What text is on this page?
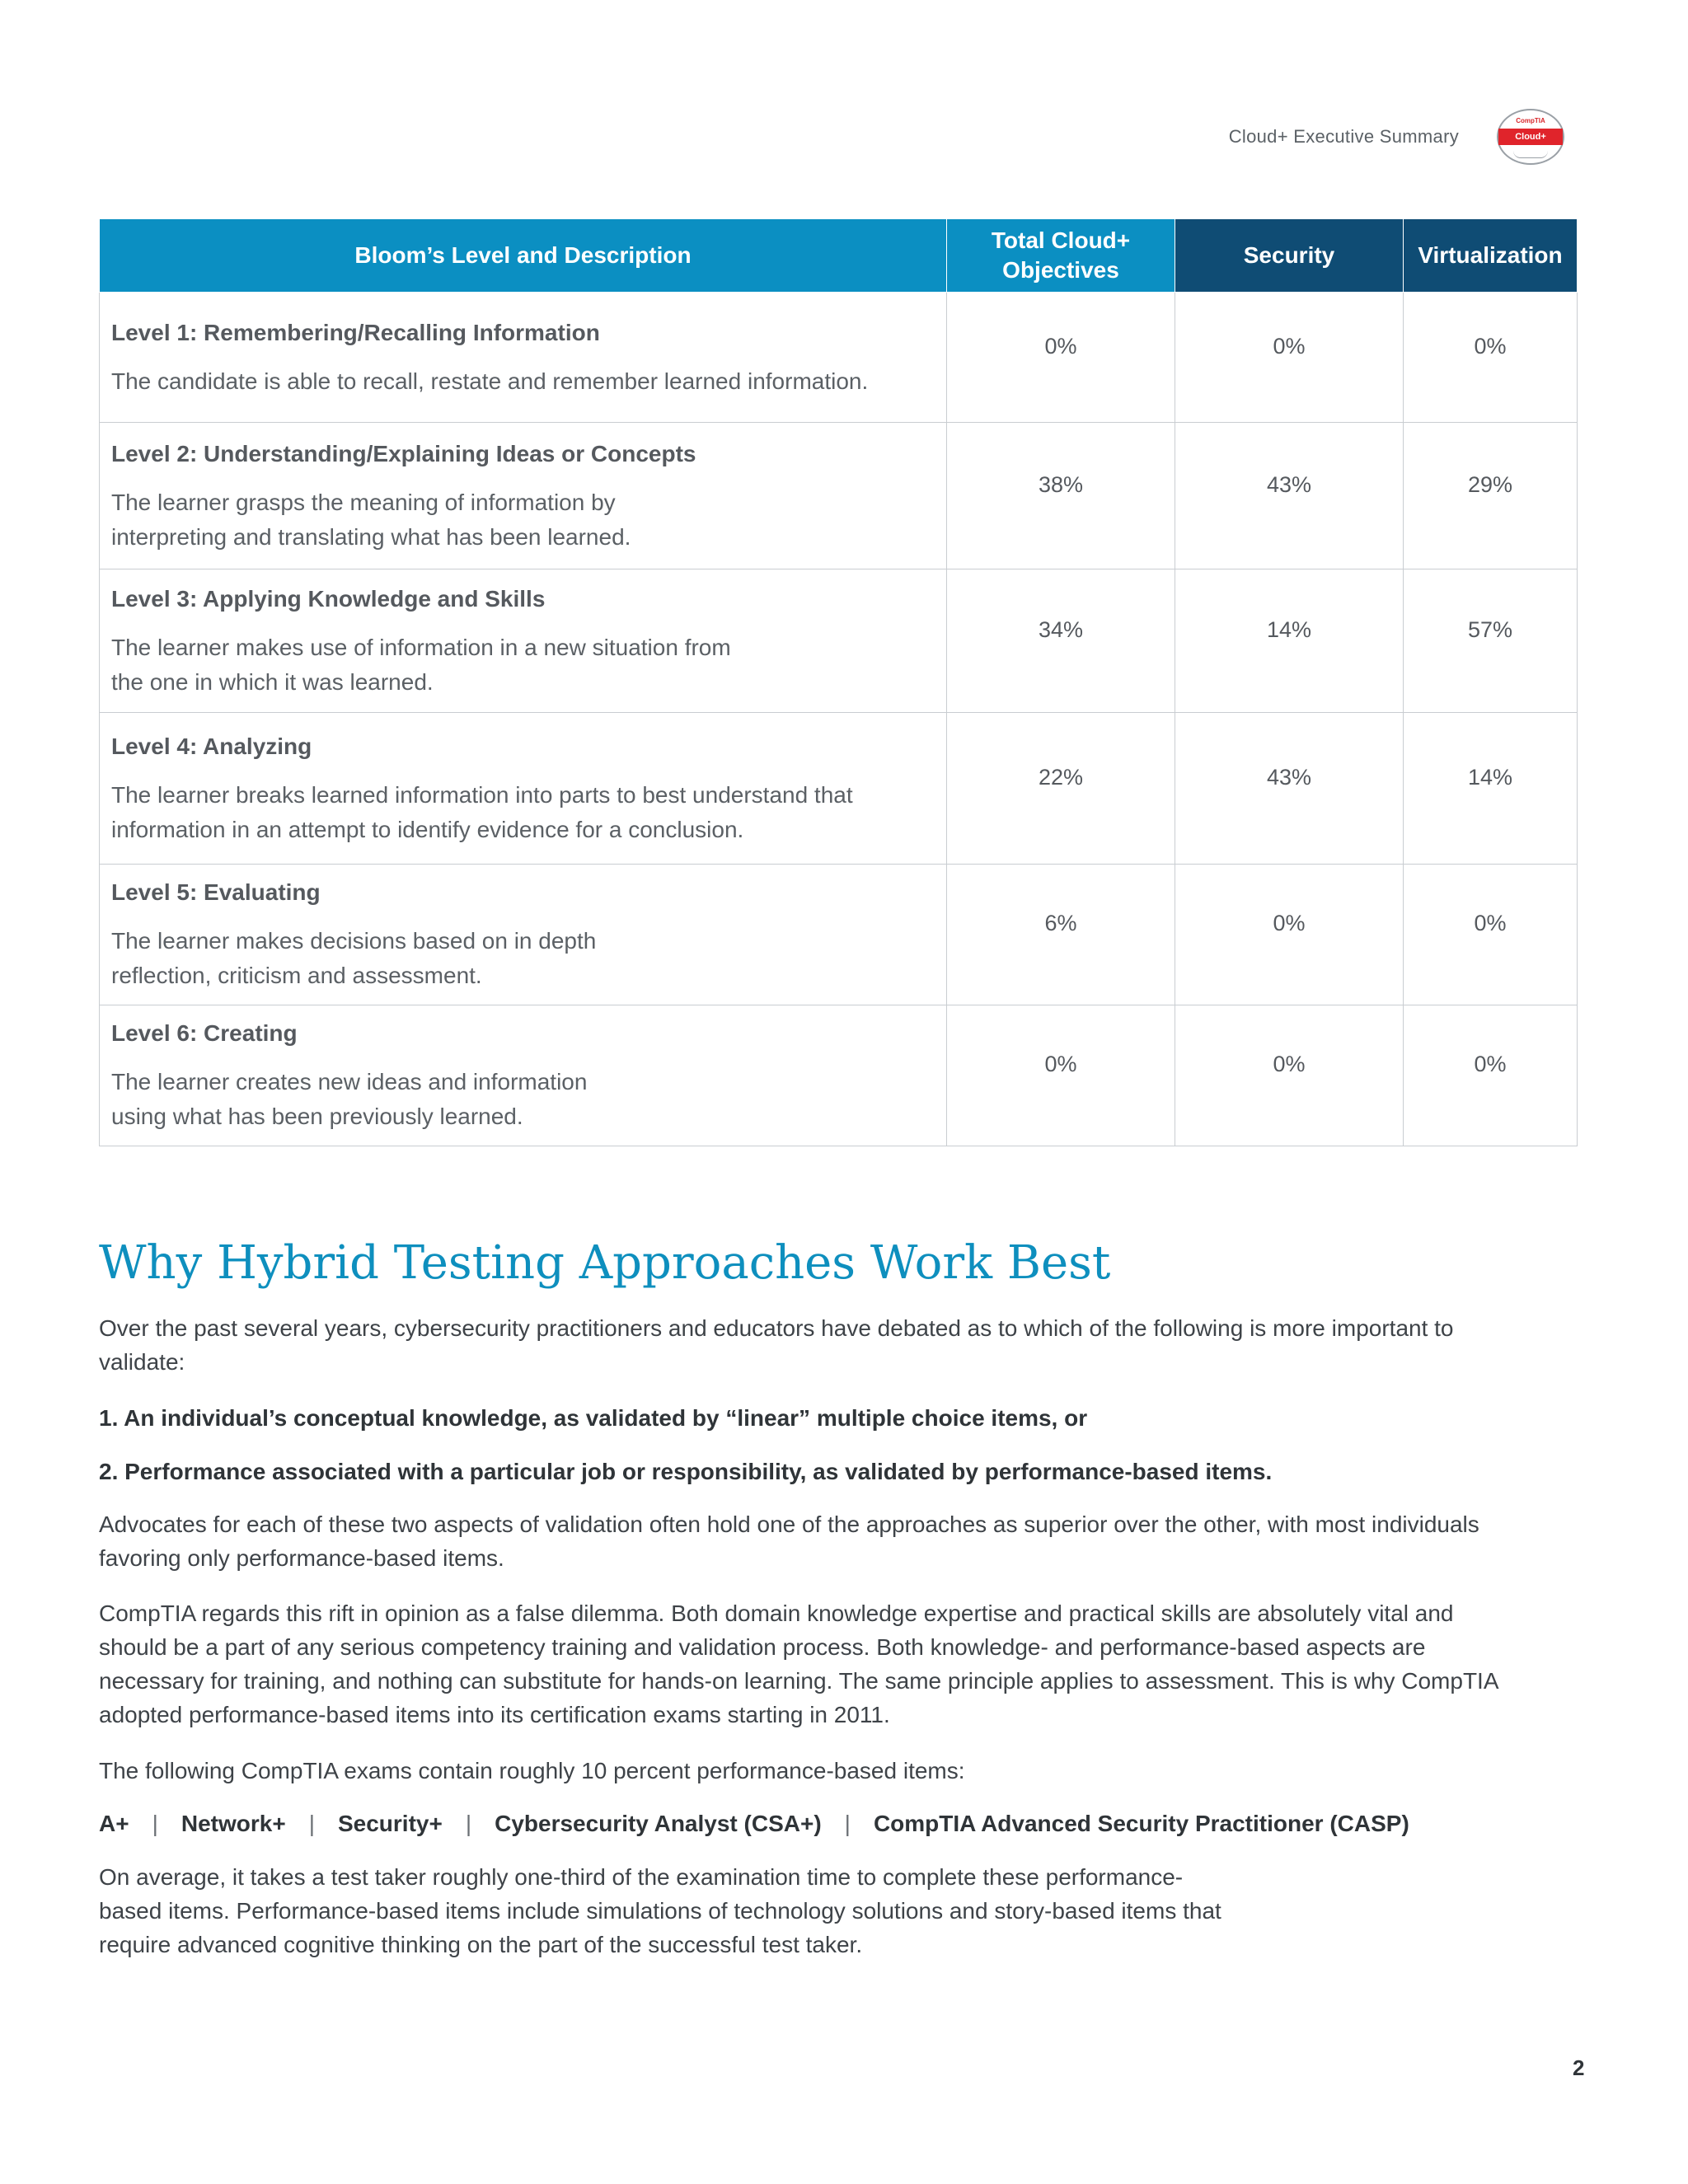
Cloud+ Executive Summary
CompTIA
Cloud+
Bloom’s Level and Description	Total Cloud+ Objectives	Security	Virtualization

Level 1: Remembering/Recalling Information
The candidate is able to recall, restate and remember learned information.	0%	0%	0%

Level 2: Understanding/Explaining Ideas or Concepts
The learner grasps the meaning of information by interpreting and translating what has been learned.	38%	43%	29%

Level 3: Applying Knowledge and Skills
The learner makes use of information in a new situation from the one in which it was learned.	34%	14%	57%

Level 4: Analyzing
The learner breaks learned information into parts to best understand that information in an attempt to identify evidence for a conclusion.	22%	43%	14%

Level 5: Evaluating
The learner makes decisions based on in depth reflection, criticism and assessment.	6%	0%	0%

Level 6: Creating
The learner creates new ideas and information using what has been previously learned.	0%	0%	0%
Why Hybrid Testing Approaches Work Best

Over the past several years, cybersecurity practitioners and educators have debated as to which of the following is more important to validate:

1. An individual’s conceptual knowledge, as validated by “linear” multiple choice items, or

2. Performance associated with a particular job or responsibility, as validated by performance-based items.

Advocates for each of these two aspects of validation often hold one of the approaches as superior over the other, with most individuals favoring only performance-based items.

CompTIA regards this rift in opinion as a false dilemma. Both domain knowledge expertise and practical skills are absolutely vital and should be a part of any serious competency training and validation process. Both knowledge- and performance-based aspects are necessary for training, and nothing can substitute for hands-on learning. The same principle applies to assessment. This is why CompTIA adopted performance-based items into its certification exams starting in 2011.

The following CompTIA exams contain roughly 10 percent performance-based items:

A+ | Network+ | Security+ | Cybersecurity Analyst (CSA+) | CompTIA Advanced Security Practitioner (CASP)

On average, it takes a test taker roughly one-third of the examination time to complete these performance-based items. Performance-based items include simulations of technology solutions and story-based items that require advanced cognitive thinking on the part of the successful test taker.

2
